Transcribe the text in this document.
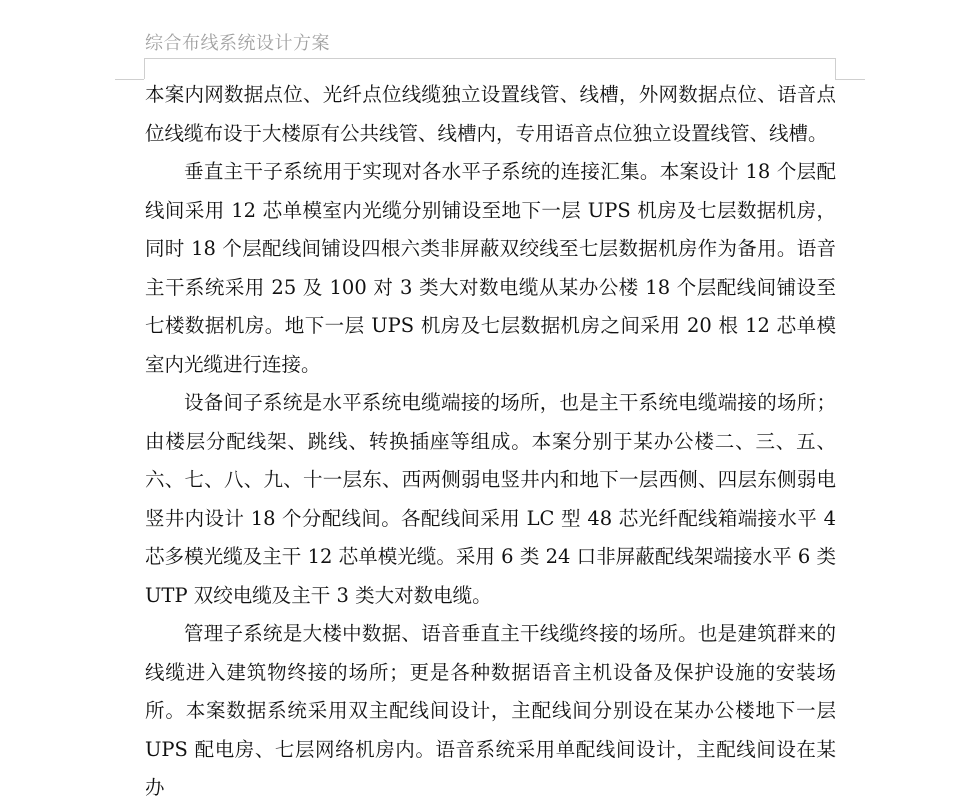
综合布线系统设计方案

本案内网数据点位、光纤点位线缆独立设置线管、线槽，外网数据点位、语音点位线缆布设于大楼原有公共线管、线槽内，专用语音点位独立设置线管、线槽。

垂直主干子系统用于实现对各水平子系统的连接汇集。本案设计 18 个层配线间采用 12 芯单模室内光缆分别铺设至地下一层 UPS 机房及七层数据机房，同时 18 个层配线间铺设四根六类非屏蔽双绞线至七层数据机房作为备用。语音主干系统采用 25 及 100 对 3 类大对数电缆从某办公楼 18 个层配线间铺设至七楼数据机房。地下一层 UPS 机房及七层数据机房之间采用 20 根 12 芯单模室内光缆进行连接。

设备间子系统是水平系统电缆端接的场所，也是主干系统电缆端接的场所；由楼层分配线架、跳线、转换插座等组成。本案分别于某办公楼二、三、五、六、七、八、九、十一层东、西两侧弱电竖井内和地下一层西侧、四层东侧弱电竖井内设计 18 个分配线间。各配线间采用 LC 型 48 芯光纤配线箱端接水平 4 芯多模光缆及主干 12 芯单模光缆。采用 6 类 24 口非屏蔽配线架端接水平 6 类 UTP 双绞电缆及主干 3 类大对数电缆。

管理子系统是大楼中数据、语音垂直主干线缆终接的场所。也是建筑群来的线缆进入建筑物终接的场所；更是各种数据语音主机设备及保护设施的安装场所。本案数据系统采用双主配线间设计，主配线间分别设在某办公楼地下一层 UPS 配电房、七层网络机房内。语音系统采用单配线间设计，主配线间设在某办
